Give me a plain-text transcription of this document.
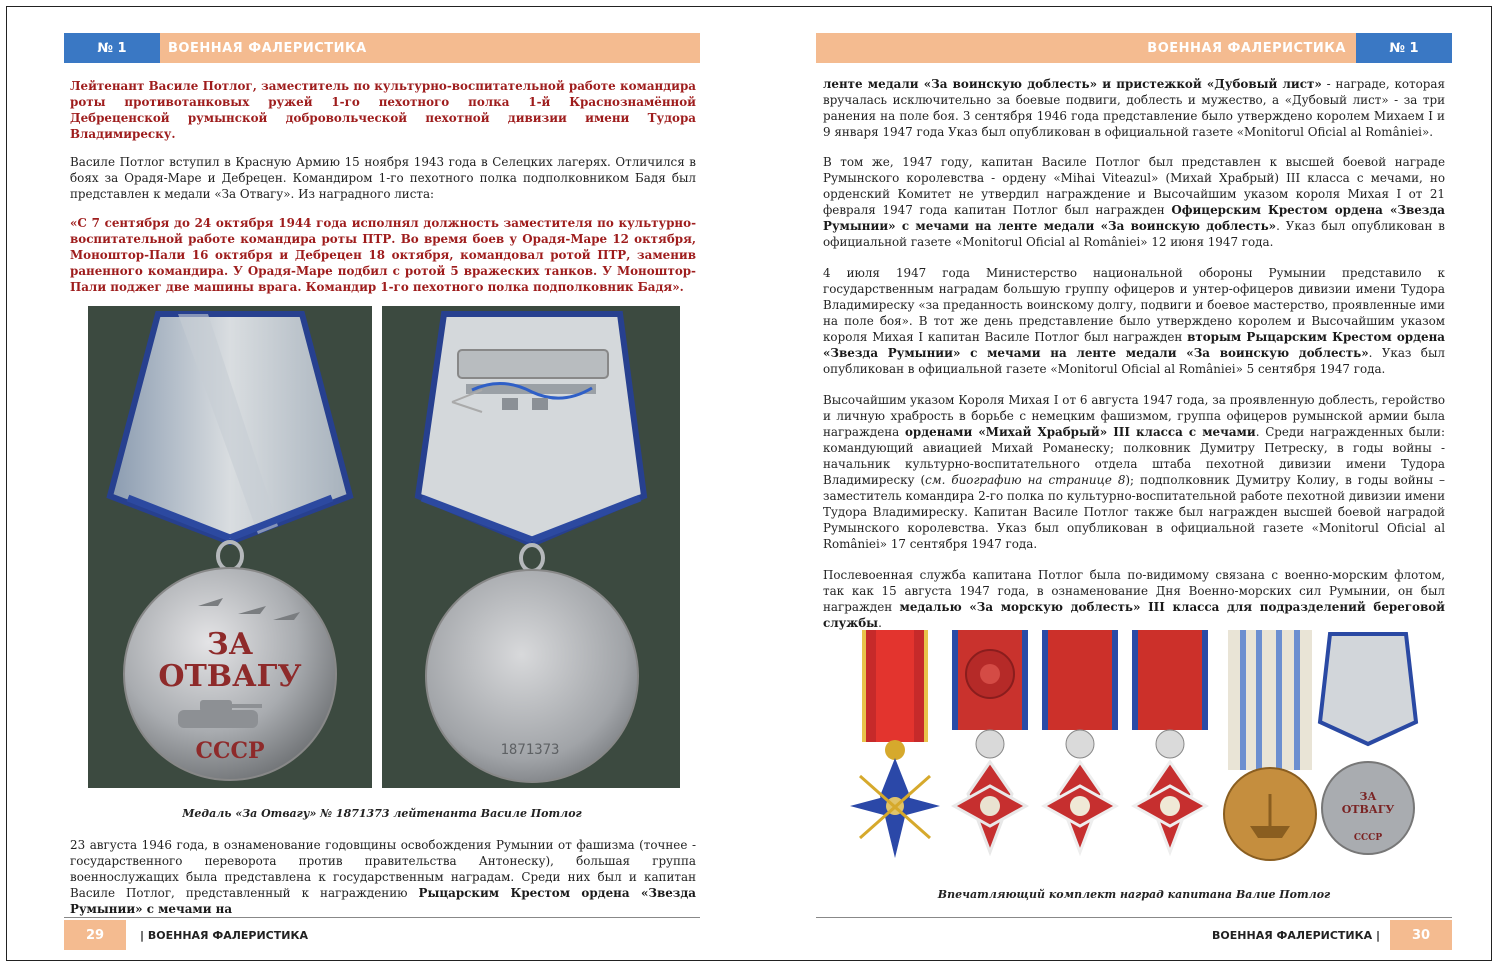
№ 1	ВОЕННАЯ ФАЛЕРИСТИКА

Лейтенант Василе Потлог, заместитель по культурно-воспитательной работе командира роты противотанковых ружей 1-го пехотного полка 1-й Краснознамённой Дебреценской румынской добровольческой пехотной дивизии имени Тудора Владимиреску.

Василе Потлог вступил в Красную Армию 15 ноября 1943 года в Селецких лагерях. Отличился в боях за Орадя-Маре и Дебрецен. Командиром 1-го пехотного полка подполковником Бадя был представлен к медали «За Отвагу». Из наградного листа:

«С 7 сентября до 24 октября 1944 года исполнял должность заместителя по культурно-воспитательной работе командира роты ПТР. Во время боев у Орадя-Маре 12 октября, Моноштор-Пали 16 октября и Дебрецен 18 октября, командовал ротой ПТР, заменив раненного командира. У Орадя-Маре подбил с ротой 5 вражеских танков. У Моноштор-Пали поджег две машины врага. Командир 1-го пехотного полка подполковник Бадя».

ЗА
ОТВАГУ
СССР	1871373
Медаль «За Отвагу» № 1871373 лейтенанта Василе Потлог

23 августа 1946 года, в ознаменование годовщины освобождения Румынии от фашизма (точнее - государственного переворота против правительства Антонеску), большая группа военнослужащих была представлена к государственным наградам. Среди них был и капитан Василе Потлог, представленный к награждению Рыцарским Крестом ордена «Звезда Румынии» с мечами на

29	| ВОЕННАЯ ФАЛЕРИСТИКА
ВОЕННАЯ ФАЛЕРИСТИКА	№ 1

ленте медали «За воинскую доблесть» и пристежкой «Дубовый лист» - награде, которая вручалась исключительно за боевые подвиги, доблесть и мужество, а «Дубовый лист» - за три ранения на поле боя. 3 сентября 1946 года представление было утверждено королем Михаем I и 9 января 1947 года Указ был опубликован в официальной газете «Monitorul Oficial al României».

В том же, 1947 году, капитан Василе Потлог был представлен к высшей боевой награде Румынского королевства - ордену «Mihai Viteazul» (Михай Храбрый) III класса с мечами, но орденский Комитет не утвердил награждение и Высочайшим указом короля Михая I от 21 февраля 1947 года капитан Потлог был награжден Офицерским Крестом ордена «Звезда Румынии» с мечами на ленте медали «За воинскую доблесть». Указ был опубликован в официальной газете «Monitorul Oficial al României» 12 июня 1947 года.

4 июля 1947 года Министерство национальной обороны Румынии представило к государственным наградам большую группу офицеров и унтер-офицеров дивизии имени Тудора Владимиреску «за преданность воинскому долгу, подвиги и боевое мастерство, проявленные ими на поле боя». В тот же день представление было утверждено королем и Высочайшим указом короля Михая I капитан Василе Потлог был награжден вторым Рыцарским Крестом ордена «Звезда Румынии» с мечами на ленте медали «За воинскую доблесть». Указ был опубликован в официальной газете «Monitorul Oficial al României» 5 сентября 1947 года.

Высочайшим указом Короля Михая I от 6 августа 1947 года, за проявленную доблесть, геройство и личную храбрость в борьбе с немецким фашизмом, группа офицеров румынской армии была награждена орденами «Михай Храбрый» III класса с мечами. Среди награжденных были: командующий авиацией Михай Романеску; полковник Думитру Петреску, в годы войны - начальник культурно-воспитательного отдела штаба пехотной дивизии имени Тудора Владимиреску (см. биографию на странице 8); подполковник Думитру Колиу, в годы войны – заместитель командира 2-го полка по культурно-воспитательной работе пехотной дивизии имени Тудора Владимиреску. Капитан Василе Потлог также был награжден высшей боевой наградой Румынского королевства. Указ был опубликован в официальной газете «Monitorul Oficial al României» 17 сентября 1947 года.

Послевоенная служба капитана Потлог была по-видимому связана с военно-морским флотом, так как 15 августа 1947 года, в ознаменование Дня Военно-морских сил Румынии, он был награжден медалью «За морскую доблесть» III класса для подразделений береговой службы.

ЗА
ОТВАГУ
СССР
Впечатляющий комплект наград капитана Валие Потлог
ВОЕННАЯ ФАЛЕРИСТИКА |	30
